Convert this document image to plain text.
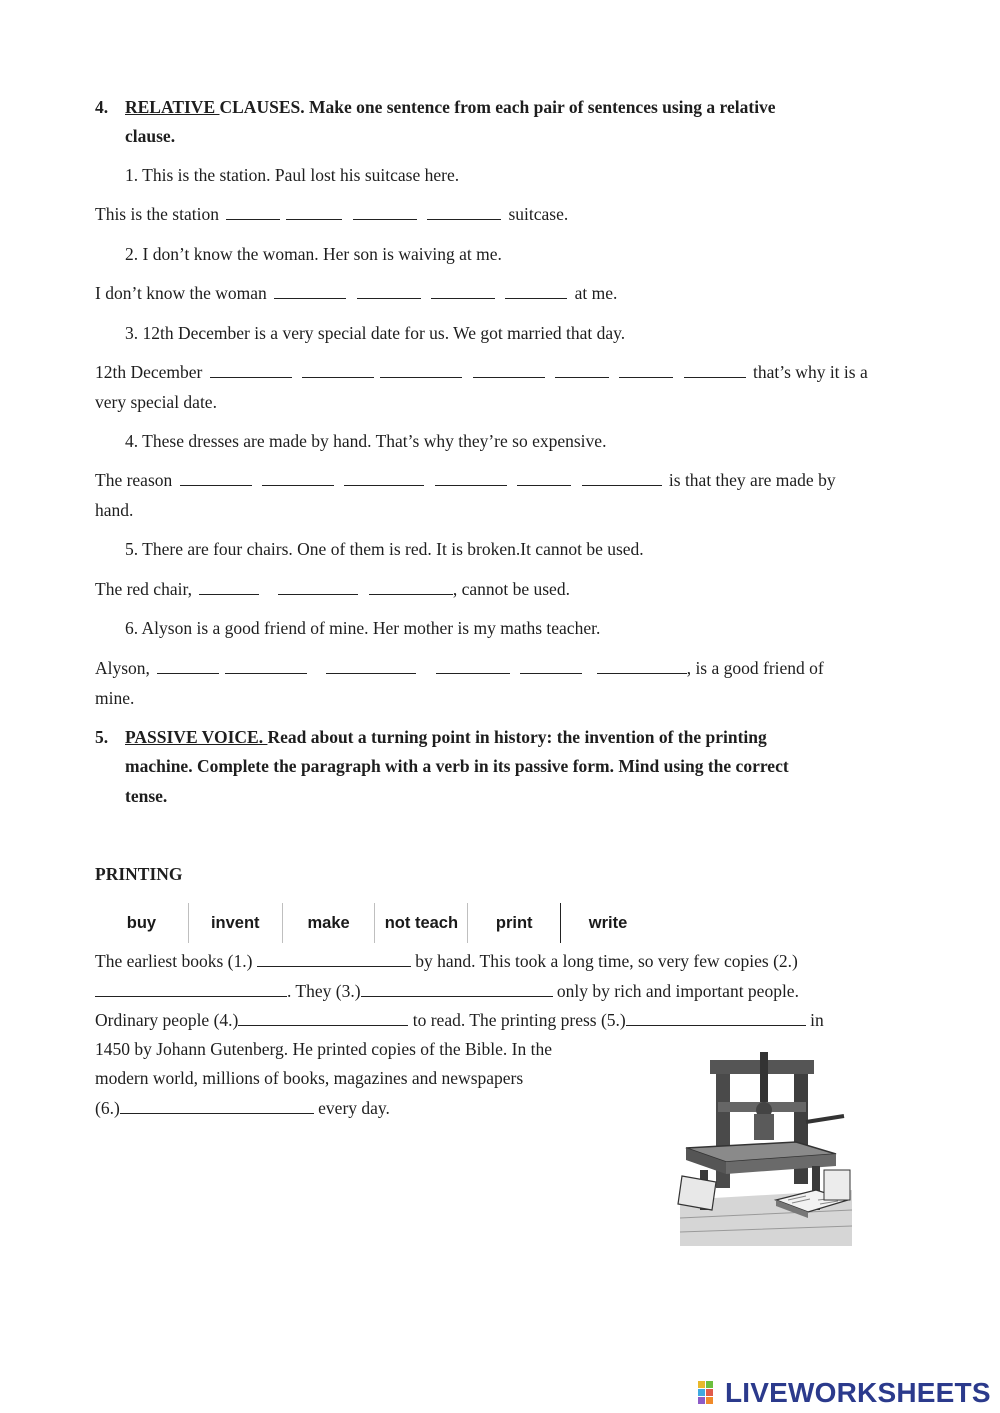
4. RELATIVE CLAUSES. Make one sentence from each pair of sentences using a relative
clause.
1. This is the station. Paul lost his suitcase here.
This is the station	suitcase.
2. I don’t know the woman. Her son is waiving at me.
I don’t know the woman	at me.
3. 12th December is a very special date for us. We got married that day.
12th December	that’s why it is a
very special date.
4. These dresses are made by hand. That’s why they’re so expensive.
The reason	is that they are made by
hand.
5. There are four chairs. One of them is red. It is broken.It cannot be used.
The red chair,	, cannot be used.
6. Alyson is a good friend of mine. Her mother is my maths teacher.
Alyson,	, is a good friend of
mine.
5. PASSIVE VOICE. Read about a turning point in history: the invention of the printing
machine. Complete the paragraph with a verb in its passive form. Mind using the correct
tense.
PRINTING
buy	invent	make	not teach	print	write
The earliest books (1.)	by hand. This took a long time, so very few copies (2.)
. They (3.)	only by rich and important people.
Ordinary people (4.)	to read. The printing press (5.)	in
1450 by Johann Gutenberg. He printed copies of the Bible. In the
modern world, millions of books, magazines and newspapers
(6.)	every day.
LIVEWORKSHEETS
